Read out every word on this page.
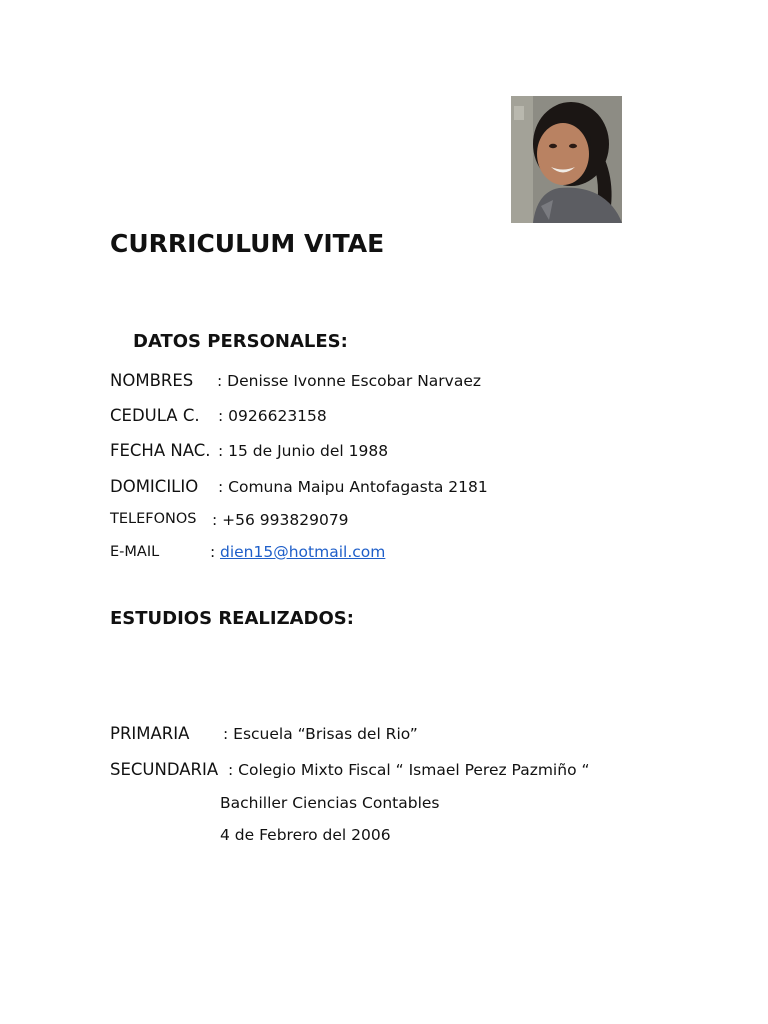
CURRICULUM VITAE
DATOS PERSONALES:
NOMBRES : Denisse Ivonne Escobar Narvaez
CEDULA C. : 0926623158
FECHA NAC. : 15 de Junio del 1988
DOMICILIO : Comuna Maipu Antofagasta 2181
TELEFONOS : +56 993829079
E-MAIL	: dien15@hotmail.com
ESTUDIOS REALIZADOS:
PRIMARIA : Escuela “Brisas del Rio”
SECUNDARIA : Colegio Mixto Fiscal “ Ismael Perez Pazmiño “
Bachiller Ciencias Contables
4 de Febrero del 2006
